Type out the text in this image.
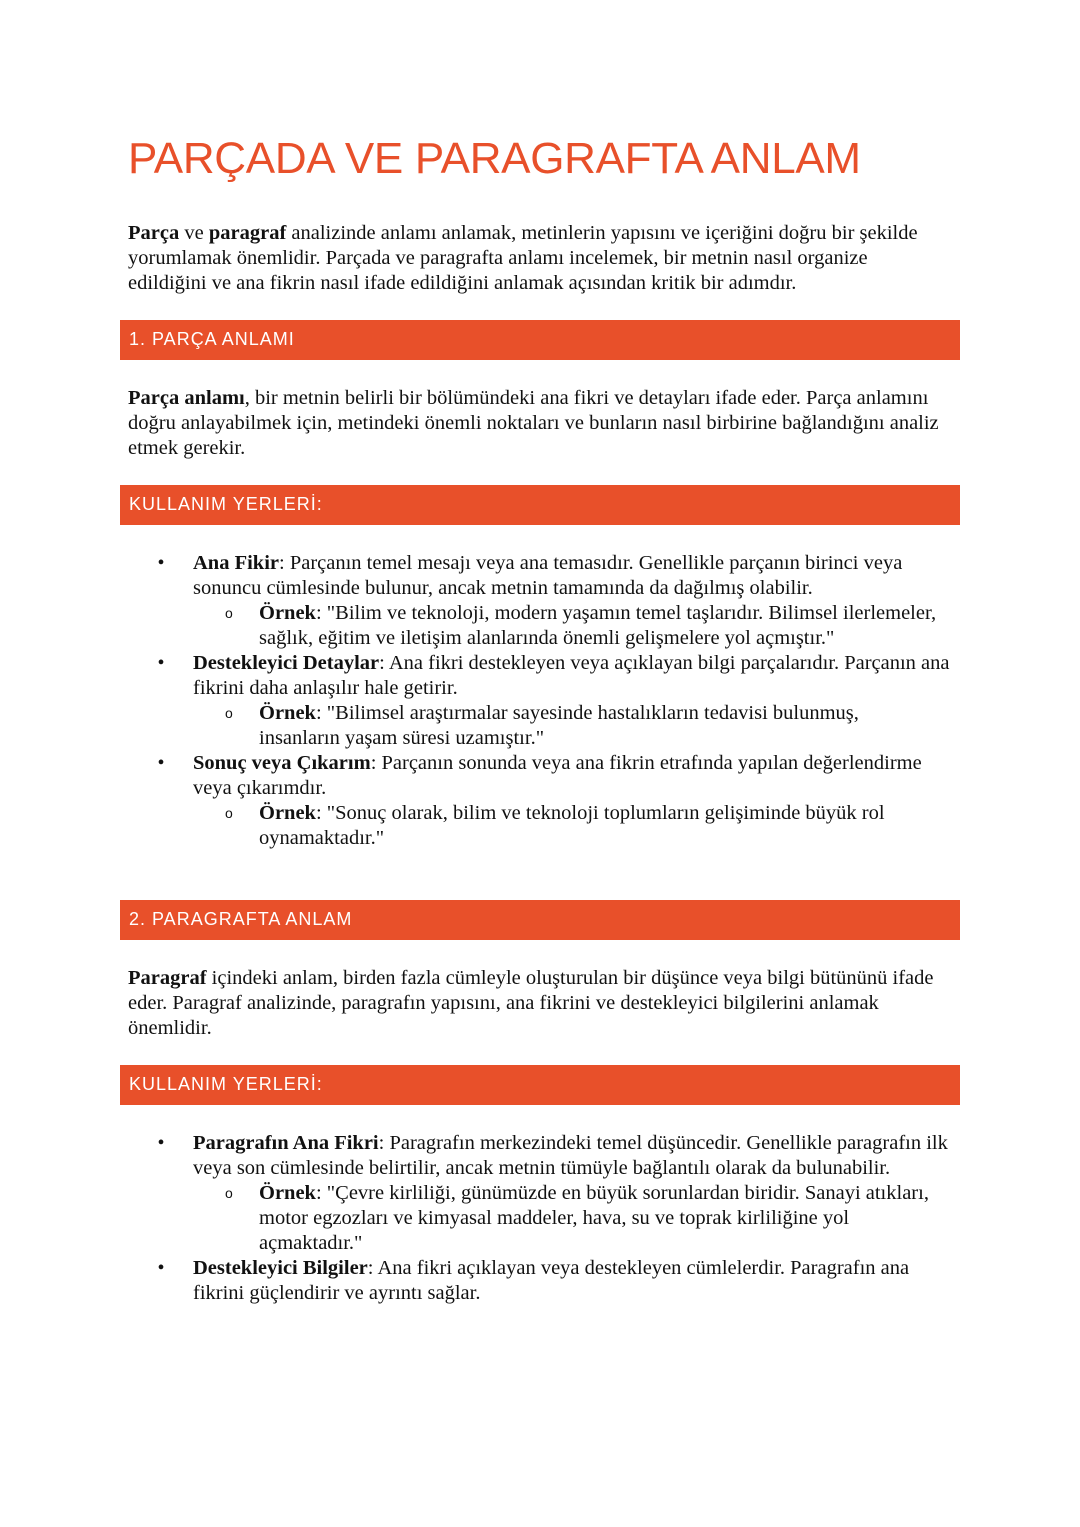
PARÇADA VE PARAGRAFTA ANLAM

Parça ve paragraf analizinde anlamı anlamak, metinlerin yapısını ve içeriğini doğru bir şekilde yorumlamak önemlidir. Parçada ve paragrafta anlamı incelemek, bir metnin nasıl organize edildiğini ve ana fikrin nasıl ifade edildiğini anlamak açısından kritik bir adımdır.

1. PARÇA ANLAMI

Parça anlamı, bir metnin belirli bir bölümündeki ana fikri ve detayları ifade eder. Parça anlamını doğru anlayabilmek için, metindeki önemli noktaları ve bunların nasıl birbirine bağlandığını analiz etmek gerekir.

KULLANIM YERLERİ:
•
Ana Fikir: Parçanın temel mesajı veya ana temasıdır. Genellikle parçanın birinci veya sonuncu cümlesinde bulunur, ancak metnin tamamında da dağılmış olabilir.
o
Örnek: "Bilim ve teknoloji, modern yaşamın temel taşlarıdır. Bilimsel ilerlemeler, sağlık, eğitim ve iletişim alanlarında önemli gelişmelere yol açmıştır."
•
Destekleyici Detaylar: Ana fikri destekleyen veya açıklayan bilgi parçalarıdır. Parçanın ana fikrini daha anlaşılır hale getirir.
o
Örnek: "Bilimsel araştırmalar sayesinde hastalıkların tedavisi bulunmuş, insanların yaşam süresi uzamıştır."
•
Sonuç veya Çıkarım: Parçanın sonunda veya ana fikrin etrafında yapılan değerlendirme veya çıkarımdır.
o
Örnek: "Sonuç olarak, bilim ve teknoloji toplumların gelişiminde büyük rol oynamaktadır."
2. PARAGRAFTA ANLAM

Paragraf içindeki anlam, birden fazla cümleyle oluşturulan bir düşünce veya bilgi bütününü ifade eder. Paragraf analizinde, paragrafın yapısını, ana fikrini ve destekleyici bilgilerini anlamak önemlidir.

KULLANIM YERLERİ:
•
Paragrafın Ana Fikri: Paragrafın merkezindeki temel düşüncedir. Genellikle paragrafın ilk veya son cümlesinde belirtilir, ancak metnin tümüyle bağlantılı olarak da bulunabilir.
o
Örnek: "Çevre kirliliği, günümüzde en büyük sorunlardan biridir. Sanayi atıkları, motor egzozları ve kimyasal maddeler, hava, su ve toprak kirliliğine yol açmaktadır."
•
Destekleyici Bilgiler: Ana fikri açıklayan veya destekleyen cümlelerdir. Paragrafın ana fikrini güçlendirir ve ayrıntı sağlar.
